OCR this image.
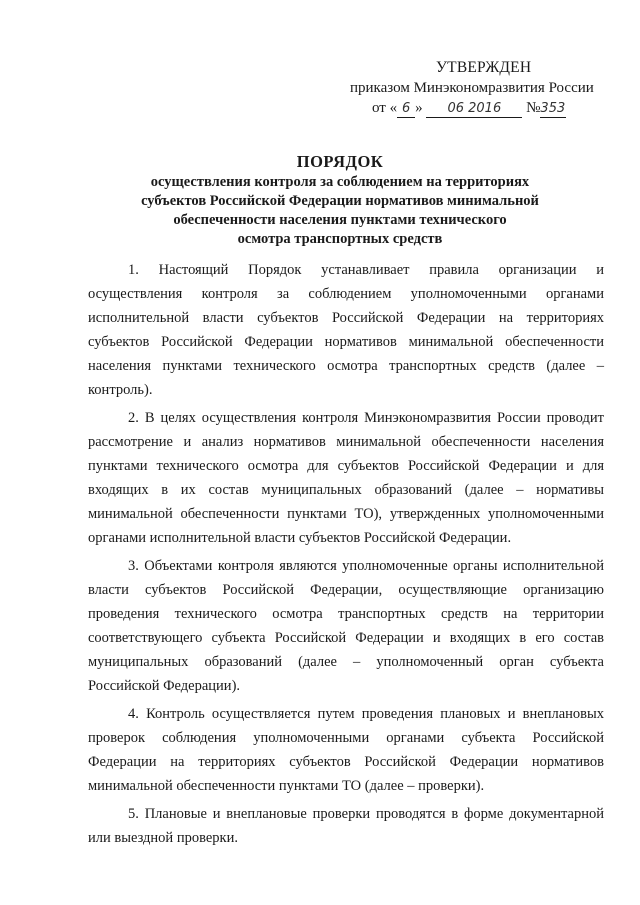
УТВЕРЖДЕН
приказом Минэкономразвития России
от « 6 » 06 2016 №353
ПОРЯДОК
осуществления контроля за соблюдением на территориях
субъектов Российской Федерации нормативов минимальной
обеспеченности населения пунктами технического
осмотра транспортных средств

1. Настоящий Порядок устанавливает правила организации и осуществления контроля за соблюдением уполномоченными органами исполнительной власти субъектов Российской Федерации на территориях субъектов Российской Федерации нормативов минимальной обеспеченности населения пунктами технического осмотра транспортных средств (далее – контроль).

2. В целях осуществления контроля Минэкономразвития России проводит рассмотрение и анализ нормативов минимальной обеспеченности населения пунктами технического осмотра для субъектов Российской Федерации и для входящих в их состав муниципальных образований (далее – нормативы минимальной обеспеченности пунктами ТО), утвержденных уполномоченными органами исполнительной власти субъектов Российской Федерации.

3. Объектами контроля являются уполномоченные органы исполнительной власти субъектов Российской Федерации, осуществляющие организацию проведения технического осмотра транспортных средств на территории соответствующего субъекта Российской Федерации и входящих в его состав муниципальных образований (далее – уполномоченный орган субъекта Российской Федерации).

4. Контроль осуществляется путем проведения плановых и внеплановых проверок соблюдения уполномоченными органами субъекта Российской Федерации на территориях субъектов Российской Федерации нормативов минимальной обеспеченности пунктами ТО (далее – проверки).

5. Плановые и внеплановые проверки проводятся в форме документарной или выездной проверки.
